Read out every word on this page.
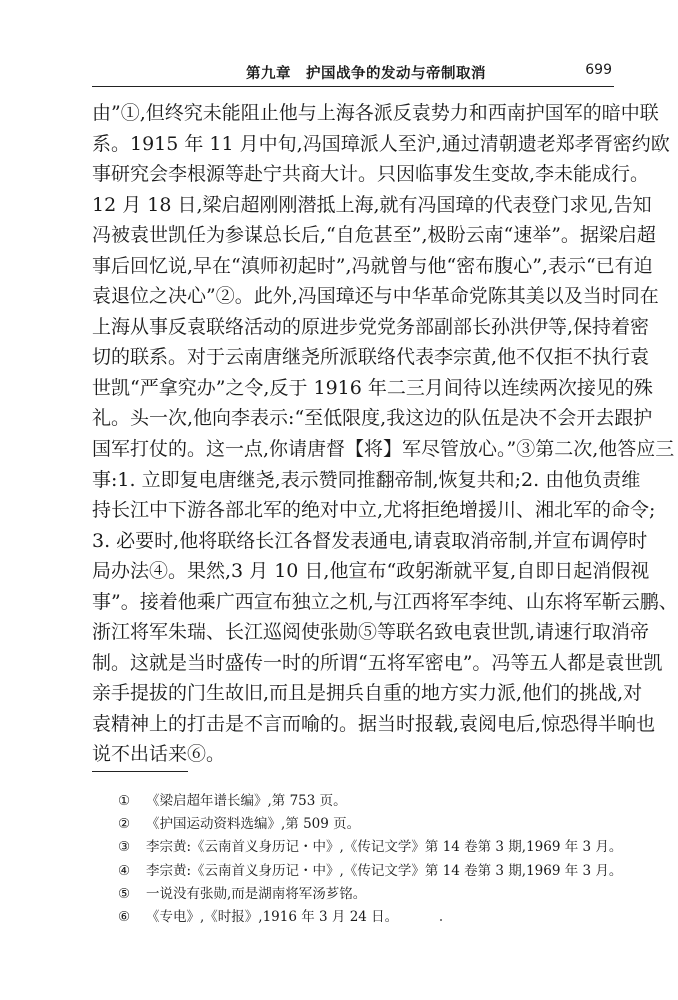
第九章　护国战争的发动与帝制取消	699
由”①,但终究未能阻止他与上海各派反袁势力和西南护国军的暗中联
系。1915 年 11 月中旬,冯国璋派人至沪,通过清朝遗老郑孝胥密约欧
事研究会李根源等赴宁共商大计。只因临事发生变故,李未能成行。
12 月 18 日,梁启超刚刚潜抵上海,就有冯国璋的代表登门求见,告知
冯被袁世凯任为参谋总长后,“自危甚至”,极盼云南“速举”。据梁启超
事后回忆说,早在“滇师初起时”,冯就曾与他“密布腹心”,表示“已有迫
袁退位之决心”②。此外,冯国璋还与中华革命党陈其美以及当时同在
上海从事反袁联络活动的原进步党党务部副部长孙洪伊等,保持着密
切的联系。对于云南唐继尧所派联络代表李宗黄,他不仅拒不执行袁
世凯“严拿究办”之令,反于 1916 年二三月间待以连续两次接见的殊
礼。头一次,他向李表示:“至低限度,我这边的队伍是决不会开去跟护
国军打仗的。这一点,你请唐督【将】军尽管放心。”③第二次,他答应三
事:1. 立即复电唐继尧,表示赞同推翻帝制,恢复共和;2. 由他负责维
持长江中下游各部北军的绝对中立,尤将拒绝增援川、湘北军的命令;
3. 必要时,他将联络长江各督发表通电,请袁取消帝制,并宣布调停时
局办法④。果然,3 月 10 日,他宣布“政躬渐就平复,自即日起消假视
事”。接着他乘广西宣布独立之机,与江西将军李纯、山东将军靳云鹏、
浙江将军朱瑞、长江巡阅使张勋⑤等联名致电袁世凯,请速行取消帝
制。这就是当时盛传一时的所谓“五将军密电”。冯等五人都是袁世凯
亲手提拔的门生故旧,而且是拥兵自重的地方实力派,他们的挑战,对
袁精神上的打击是不言而喻的。据当时报载,袁阅电后,惊恐得半晌也
说不出话来⑥。
① 《梁启超年谱长编》,第 753 页。
② 《护国运动资料选编》,第 509 页。
③ 李宗黄:《云南首义身历记・中》,《传记文学》第 14 卷第 3 期,1969 年 3 月。
④ 李宗黄:《云南首义身历记・中》,《传记文学》第 14 卷第 3 期,1969 年 3 月。
⑤ 一说没有张勋,而是湖南将军汤芗铭。
⑥ 《专电》,《时报》,1916 年 3 月 24 日。
